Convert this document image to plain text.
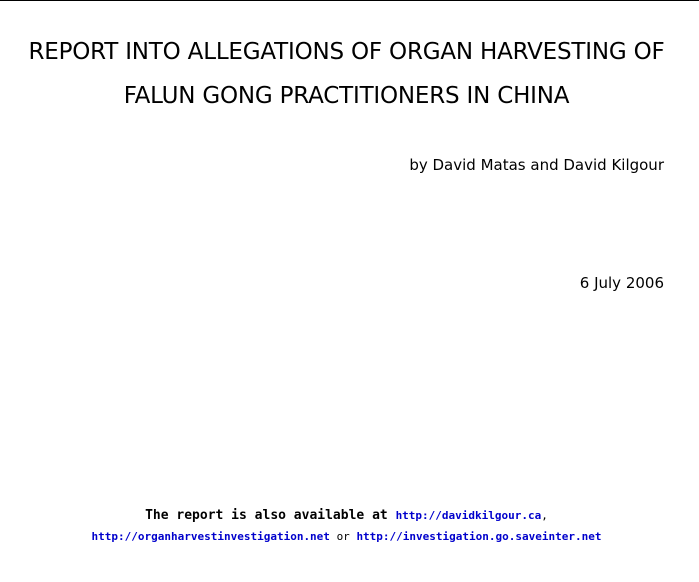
REPORT INTO ALLEGATIONS OF ORGAN HARVESTING OF
FALUN GONG PRACTITIONERS IN CHINA
by David Matas and David Kilgour
6 July 2006
The report is also available at http://davidkilgour.ca,
http://organharvestinvestigation.net or http://investigation.go.saveinter.net
